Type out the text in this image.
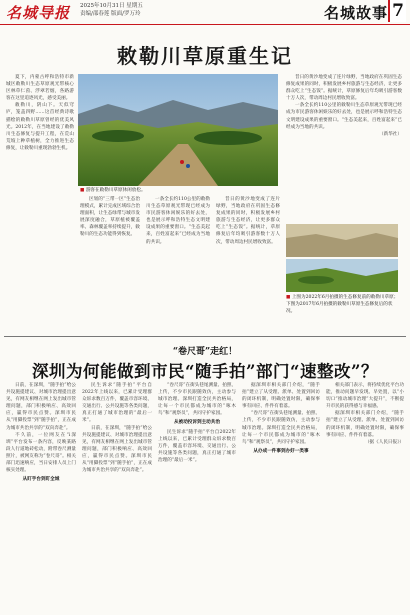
名城导报 2025年10月31日 星期五
责编/邵春莲 版面/罗万玲	名城故事 7
敕勒川草原重生记

夏下，内蒙古呼和浩特市新城区敕勒川生态草原观光带核心区林草仁茵、浮翠若烟，各路游客在这里追逐风光，感受美丽。

敕勒川，阴山下。天似穹庐，笼盖四野……这首经典诗歌描绘的敕勒川草原曾经的优美风光。2012年，在当地建设了敕勒川生态修复与提升工程，在荒山荒坡上种草植树，全力推进生态修复，让敕勒川重现勃勃生机。

■ 游客在敕勒川草原休闲放松。

区划的“三带一区”生态治理模式，累计完成区域综合治理面积，让生态绿带与城市发展深度融合，草原植被覆盖率、森林覆盖率持续提升，敕勒川的生态功能得到恢复。

一条全长约110公里的敕勒川生态草原观光带现已经成为市民游客休闲娱乐的好去处，也是展示呼和浩特生态文明建设成果的重要窗口。“生态美起来，百姓富起来”已经成为当地的共识。

昔日的黄沙地变成了连片绿野，当地政府在巩固生态修复成果的同时，积极发展乡村旅游与生态经济，让更多群众吃上“生态饭”。据统计，草原修复后年均吸引游客数十万人次，带动周边村民增收致富。

昔日的黄沙地变成了连片绿野，当地政府在巩固生态修复成果的同时，积极发展乡村旅游与生态经济，让更多群众吃上“生态饭”。据统计，草原修复后年均吸引游客数十万人次，带动周边村民增收致富。

一条全长约110公里的敕勒川生态草原观光带现已经成为市民游客休闲娱乐的好去处，也是展示呼和浩特生态文明建设成果的重要窗口。“生态美起来，百姓富起来”已经成为当地的共识。

（新华社）

■ 上图为2022年6月拍摄的生态修复前的敕勒川草原；下图为2017年6月拍摄的敕勒川草原生态修复后的状况。
“卷尺哥”走红！
深圳为何能做到市民“随手拍”部门“速整改”？

日前，在深圳，“随手拍”给公共设施提建议、对城市治理提出意见，有网友相继在网上发出城市管理问题，部门积极响应、高效回应，赢得市民点赞。深圳市民从“用脚投票”到“随手拍”，正在成为城市共治共享的“双向奔赴”。

不久前，一位网友在“i深圳”平台发布一条内容，反映某路段人行道地砖松动，附带卷尺测量照片，被网友称为“卷尺哥”。相关部门迅速响应，当日安排人员上门核实处理。

从盯手台到盯全城

民生诉求“随手拍”平台自2022年上线以来，已累计受理群众诉求数百万件，覆盖市容环境、交通出行、公共设施等各类问题，真正打通了城市治理的“最后一米”。

日前，在深圳，“随手拍”给公共设施提建议、对城市治理提出意见，有网友相继在网上发出城市管理问题，部门积极响应、高效回应，赢得市民点赞。深圳市民从“用脚投票”到“随手拍”，正在成为城市共治共享的“双向奔赴”。

“卷尺哥”在街头巷尾测量、拍照、上传，不少市民跟随效仿，主动参与城市治理。深圳打造全民共治格局，让每一个市民都成为城市的“啄木鸟”和“观察员”，共同守护家园。

从被动投诉到主动共治

民生诉求“随手拍”平台自2022年上线以来，已累计受理群众诉求数百万件，覆盖市容环境、交通出行、公共设施等各类问题，真正打通了城市治理的“最后一米”。

据深圳市相关部门介绍，“随手拍”建立了从受理、派单、处置到回访的闭环机制，明确处置时限，确保事事有回应、件件有着落。

“卷尺哥”在街头巷尾测量、拍照、上传，不少市民跟随效仿，主动参与城市治理。深圳打造全民共治格局，让每一个市民都成为城市的“啄木鸟”和“观察员”，共同守护家园。

从办成一件事到办好一类事

相关部门表示，将持续优化平台功能，推动问题早发现、早处置，以“小切口”推动城市治理“大提升”，不断提升市民的获得感与幸福感。

据深圳市相关部门介绍，“随手拍”建立了从受理、派单、处置到回访的闭环机制，明确处置时限，确保事事有回应、件件有着落。

（据《人民日报》）
